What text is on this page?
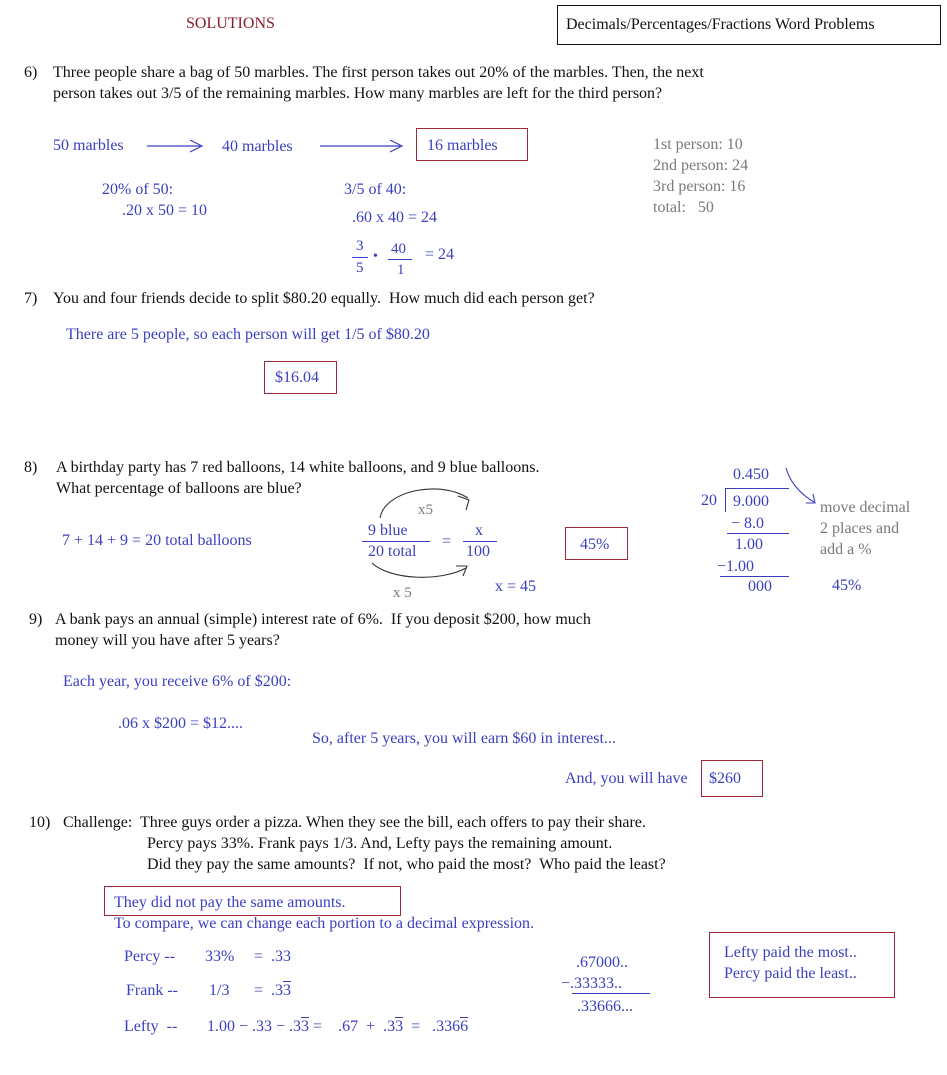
SOLUTIONS	Decimals/Percentages/Fractions Word Problems
6) Three people share a bag of 50 marbles. The first person takes out 20% of the marbles. Then, the next
person takes out 3/5 of the remaining marbles. How many marbles are left for the third person?
50 marbles	40 marbles	16 marbles
20% of 50:
.20 x 50 = 10
3/5 of 40:
.60 x 40 = 24
3
5
• 40
1
= 24
1st person: 10
2nd person: 24
3rd person: 16
total:   50
7) You and four friends decide to split $80.20 equally.  How much did each person get?
There are 5 people, so each person will get 1/5 of $80.20
$16.04
8) A birthday party has 7 red balloons, 14 white balloons, and 9 blue balloons.
What percentage of balloons are blue?
7 + 14 + 9 = 20 total balloons
x5
x 5
9 blue
20 total
=
x
100
x = 45
45%
0.450
20 9.000
− 8.0
1.00
−1.00
000
move decimal
2 places and
add a %
45%
9) A bank pays an annual (simple) interest rate of 6%.  If you deposit $200, how much
money will you have after 5 years?
Each year, you receive 6% of $200:
.06 x $200 = $12....
So, after 5 years, you will earn $60 in interest...
And, you will have $260
10) Challenge:  Three guys order a pizza. When they see the bill, each offers to pay their share.
Percy pays 33%. Frank pays 1/3. And, Lefty pays the remaining amount.
Did they pay the same amounts?  If not, who paid the most?  Who paid the least?
They did not pay the same amounts.
To compare, we can change each portion to a decimal expression.
Percy -- 33% =  .33
Frank -- 1/3 =  .33
Lefty  -- 1.00 − .33 − .33 =    .67  +  .33  =   .3366
.67000..
−.33333..
.33666...
Lefty paid the most..
Percy paid the least..
